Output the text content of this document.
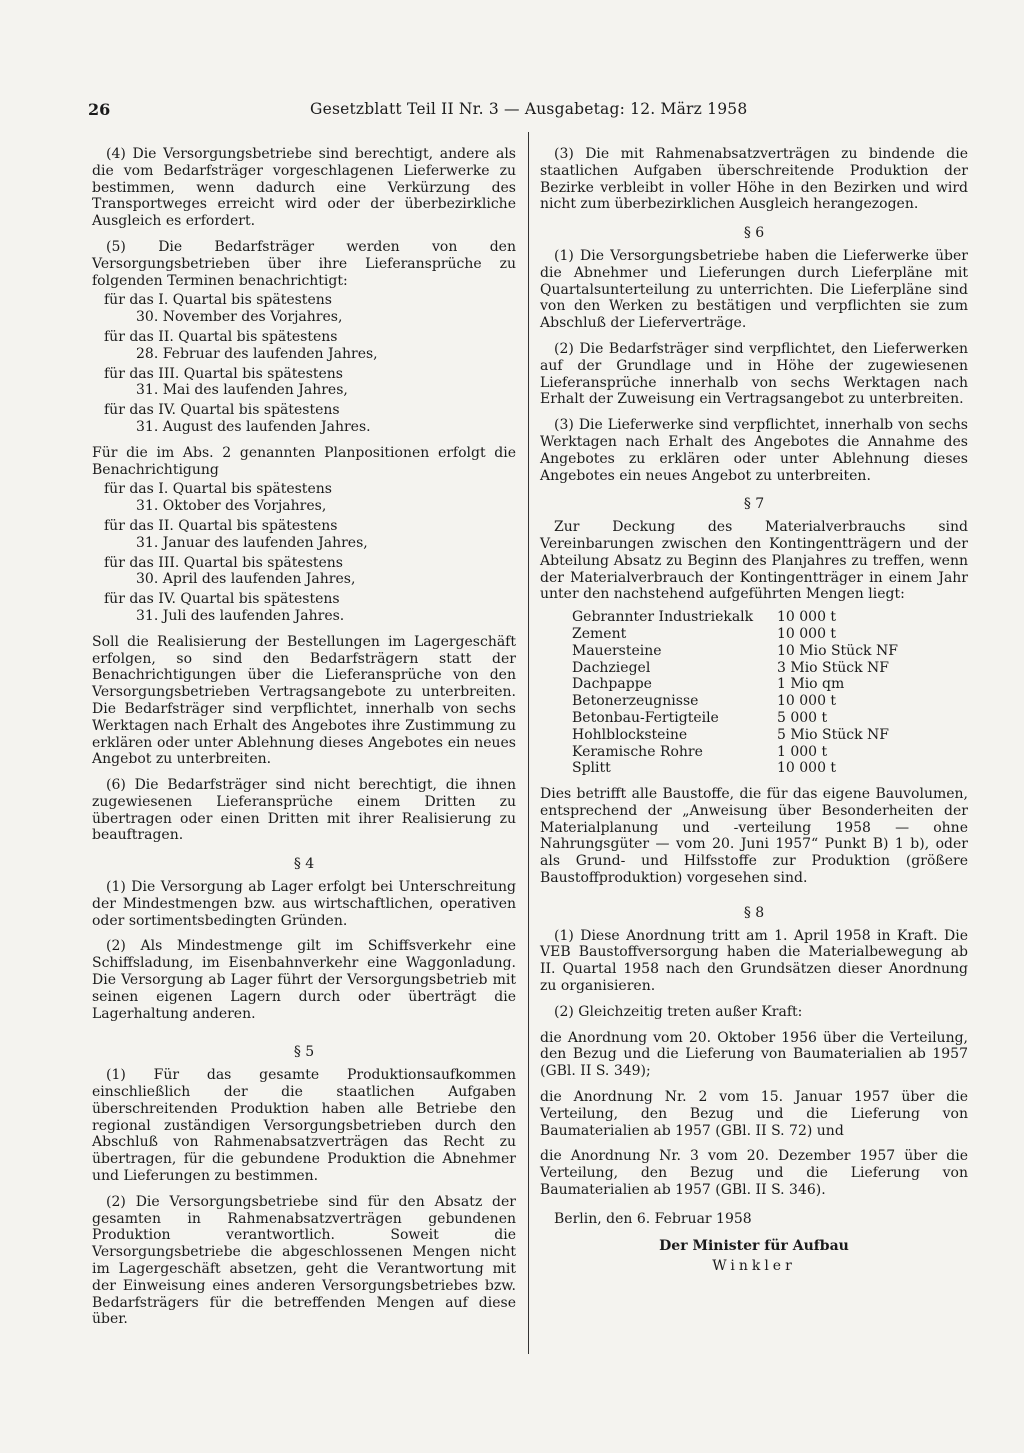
26	Gesetzblatt Teil II Nr. 3 — Ausgabetag: 12. März 1958

(4) Die Versorgungsbetriebe sind berechtigt, andere als die vom Bedarfsträger vorgeschlagenen Lieferwerke zu bestimmen, wenn dadurch eine Verkürzung des Transportweges erreicht wird oder der überbezirkliche Ausgleich es erfordert.

(5) Die Bedarfsträger werden von den Versorgungsbetrieben über ihre Lieferansprüche zu folgenden Terminen benachrichtigt:

für das I. Quartal bis spätestens

30. November des Vorjahres,

für das II. Quartal bis spätestens

28. Februar des laufenden Jahres,

für das III. Quartal bis spätestens

31. Mai des laufenden Jahres,

für das IV. Quartal bis spätestens

31. August des laufenden Jahres.

Für die im Abs. 2 genannten Planpositionen erfolgt die Benachrichtigung

für das I. Quartal bis spätestens

31. Oktober des Vorjahres,

für das II. Quartal bis spätestens

31. Januar des laufenden Jahres,

für das III. Quartal bis spätestens

30. April des laufenden Jahres,

für das IV. Quartal bis spätestens

31. Juli des laufenden Jahres.

Soll die Realisierung der Bestellungen im Lagergeschäft erfolgen, so sind den Bedarfsträgern statt der Benachrichtigungen über die Lieferansprüche von den Versorgungsbetrieben Vertragsangebote zu unterbreiten. Die Bedarfsträger sind verpflichtet, innerhalb von sechs Werktagen nach Erhalt des Angebotes ihre Zustimmung zu erklären oder unter Ablehnung dieses Angebotes ein neues Angebot zu unterbreiten.

(6) Die Bedarfsträger sind nicht berechtigt, die ihnen zugewiesenen Lieferansprüche einem Dritten zu übertragen oder einen Dritten mit ihrer Realisierung zu beauftragen.

§ 4

(1) Die Versorgung ab Lager erfolgt bei Unterschreitung der Mindestmengen bzw. aus wirtschaftlichen, operativen oder sortimentsbedingten Gründen.

(2) Als Mindestmenge gilt im Schiffsverkehr eine Schiffsladung, im Eisenbahnverkehr eine Waggonladung. Die Versorgung ab Lager führt der Versorgungsbetrieb mit seinen eigenen Lagern durch oder überträgt die Lagerhaltung anderen.

§ 5

(1) Für das gesamte Produktionsaufkommen einschließlich der die staatlichen Aufgaben überschreitenden Produktion haben alle Betriebe den regional zuständigen Versorgungsbetrieben durch den Abschluß von Rahmenabsatzverträgen das Recht zu übertragen, für die gebundene Produktion die Abnehmer und Lieferungen zu bestimmen.

(2) Die Versorgungsbetriebe sind für den Absatz der gesamten in Rahmenabsatzverträgen gebundenen Produktion verantwortlich. Soweit die Versorgungsbetriebe die abgeschlossenen Mengen nicht im Lagergeschäft absetzen, geht die Verantwortung mit der Einweisung eines anderen Versorgungsbetriebes bzw. Bedarfsträgers für die betreffenden Mengen auf diese über.

(3) Die mit Rahmenabsatzverträgen zu bindende die staatlichen Aufgaben überschreitende Produktion der Bezirke verbleibt in voller Höhe in den Bezirken und wird nicht zum überbezirklichen Ausgleich herangezogen.

§ 6

(1) Die Versorgungsbetriebe haben die Lieferwerke über die Abnehmer und Lieferungen durch Lieferpläne mit Quartalsunterteilung zu unterrichten. Die Lieferpläne sind von den Werken zu bestätigen und verpflichten sie zum Abschluß der Lieferverträge.

(2) Die Bedarfsträger sind verpflichtet, den Lieferwerken auf der Grundlage und in Höhe der zugewiesenen Lieferansprüche innerhalb von sechs Werktagen nach Erhalt der Zuweisung ein Vertragsangebot zu unterbreiten.

(3) Die Lieferwerke sind verpflichtet, innerhalb von sechs Werktagen nach Erhalt des Angebotes die Annahme des Angebotes zu erklären oder unter Ablehnung dieses Angebotes ein neues Angebot zu unterbreiten.

§ 7

Zur Deckung des Materialverbrauchs sind Vereinbarungen zwischen den Kontingentträgern und der Abteilung Absatz zu Beginn des Planjahres zu treffen, wenn der Materialverbrauch der Kontingentträger in einem Jahr unter den nachstehend aufgeführten Mengen liegt:

Gebrannter Industriekalk	10 000 t
Zement	10 000 t
Mauersteine	10 Mio Stück NF
Dachziegel	3 Mio Stück NF
Dachpappe	1 Mio qm
Betonerzeugnisse	10 000 t
Betonbau-Fertigteile	5 000 t
Hohlblocksteine	5 Mio Stück NF
Keramische Rohre	1 000 t
Splitt	10 000 t

Dies betrifft alle Baustoffe, die für das eigene Bauvolumen, entsprechend der „Anweisung über Besonderheiten der Materialplanung und -verteilung 1958 — ohne Nahrungsgüter — vom 20. Juni 1957“ Punkt B) 1 b), oder als Grund- und Hilfsstoffe zur Produktion (größere Baustoffproduktion) vorgesehen sind.

§ 8

(1) Diese Anordnung tritt am 1. April 1958 in Kraft. Die VEB Baustoffversorgung haben die Materialbewegung ab II. Quartal 1958 nach den Grundsätzen dieser Anordnung zu organisieren.

(2) Gleichzeitig treten außer Kraft:

die Anordnung vom 20. Oktober 1956 über die Verteilung, den Bezug und die Lieferung von Baumaterialien ab 1957 (GBl. II S. 349);

die Anordnung Nr. 2 vom 15. Januar 1957 über die Verteilung, den Bezug und die Lieferung von Baumaterialien ab 1957 (GBl. II S. 72) und

die Anordnung Nr. 3 vom 20. Dezember 1957 über die Verteilung, den Bezug und die Lieferung von Baumaterialien ab 1957 (GBl. II S. 346).

Berlin, den 6. Februar 1958

Der Minister für Aufbau

Winkler
